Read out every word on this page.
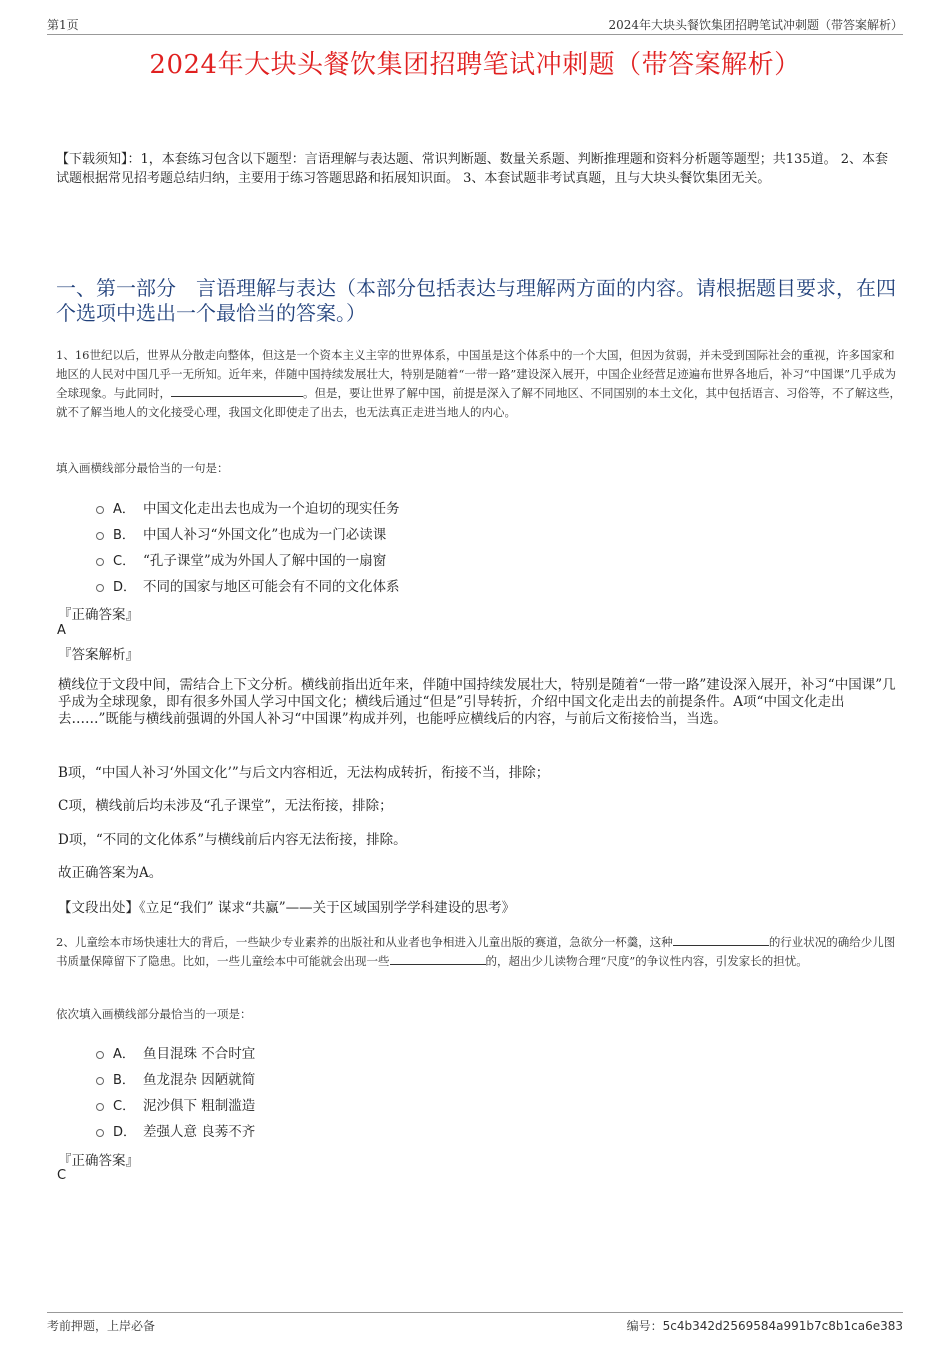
第1页	2024年大块头餐饮集团招聘笔试冲刺题（带答案解析）
2024年大块头餐饮集团招聘笔试冲刺题（带答案解析）
【下载须知】：1，本套练习包含以下题型：言语理解与表达题、常识判断题、数量关系题、判断推理题和资料分析题等题型；共135道。 2、本套试题根据常见招考题总结归纳，主要用于练习答题思路和拓展知识面。 3、本套试题非考试真题，且与大块头餐饮集团无关。
一、第一部分　言语理解与表达（本部分包括表达与理解两方面的内容。请根据题目要求，在四个选项中选出一个最恰当的答案。）
1、16世纪以后，世界从分散走向整体，但这是一个资本主义主宰的世界体系，中国虽是这个体系中的一个大国，但因为贫弱，并未受到国际社会的重视，许多国家和地区的人民对中国几乎一无所知。近年来，伴随中国持续发展壮大，特别是随着“一带一路”建设深入展开，中国企业经营足迹遍布世界各地后，补习“中国课”几乎成为全球现象。与此同时，	。但是，要让世界了解中国，前提是深入了解不同地区、不同国别的本土文化，其中包括语言、习俗等，不了解这些，就不了解当地人的文化接受心理，我国文化即使走了出去，也无法真正走进当地人的内心。
填入画横线部分最恰当的一句是：
A． 中国文化走出去也成为一个迫切的现实任务
B． 中国人补习“外国文化”也成为一门必读课
C． “孔子课堂”成为外国人了解中国的一扇窗
D． 不同的国家与地区可能会有不同的文化体系
『正确答案』
A
『答案解析』
横线位于文段中间，需结合上下文分析。横线前指出近年来，伴随中国持续发展壮大，特别是随着“一带一路”建设深入展开，补习“中国课”几乎成为全球现象，即有很多外国人学习中国文化；横线后通过“但是”引导转折，介绍中国文化走出去的前提条件。A项“中国文化走出去……”既能与横线前强调的外国人补习“中国课”构成并列，也能呼应横线后的内容，与前后文衔接恰当，当选。
B项，“中国人补习‘外国文化’”与后文内容相近，无法构成转折，衔接不当，排除；
C项，横线前后均未涉及“孔子课堂”，无法衔接，排除；
D项，“不同的文化体系”与横线前后内容无法衔接，排除。
故正确答案为A。
【文段出处】《立足“我们” 谋求“共赢”——关于区域国别学学科建设的思考》
2、儿童绘本市场快速壮大的背后，一些缺少专业素养的出版社和从业者也争相进入儿童出版的赛道，急欲分一杯羹，这种	的行业状况的确给少儿图书质量保障留下了隐患。比如，一些儿童绘本中可能就会出现一些	的，超出少儿读物合理“尺度”的争议性内容，引发家长的担忧。
依次填入画横线部分最恰当的一项是：
A． 鱼目混珠 不合时宜
B． 鱼龙混杂 因陋就简
C． 泥沙俱下 粗制滥造
D． 差强人意 良莠不齐
『正确答案』
C
考前押题，上岸必备	编号：5c4b342d2569584a991b7c8b1ca6e383
